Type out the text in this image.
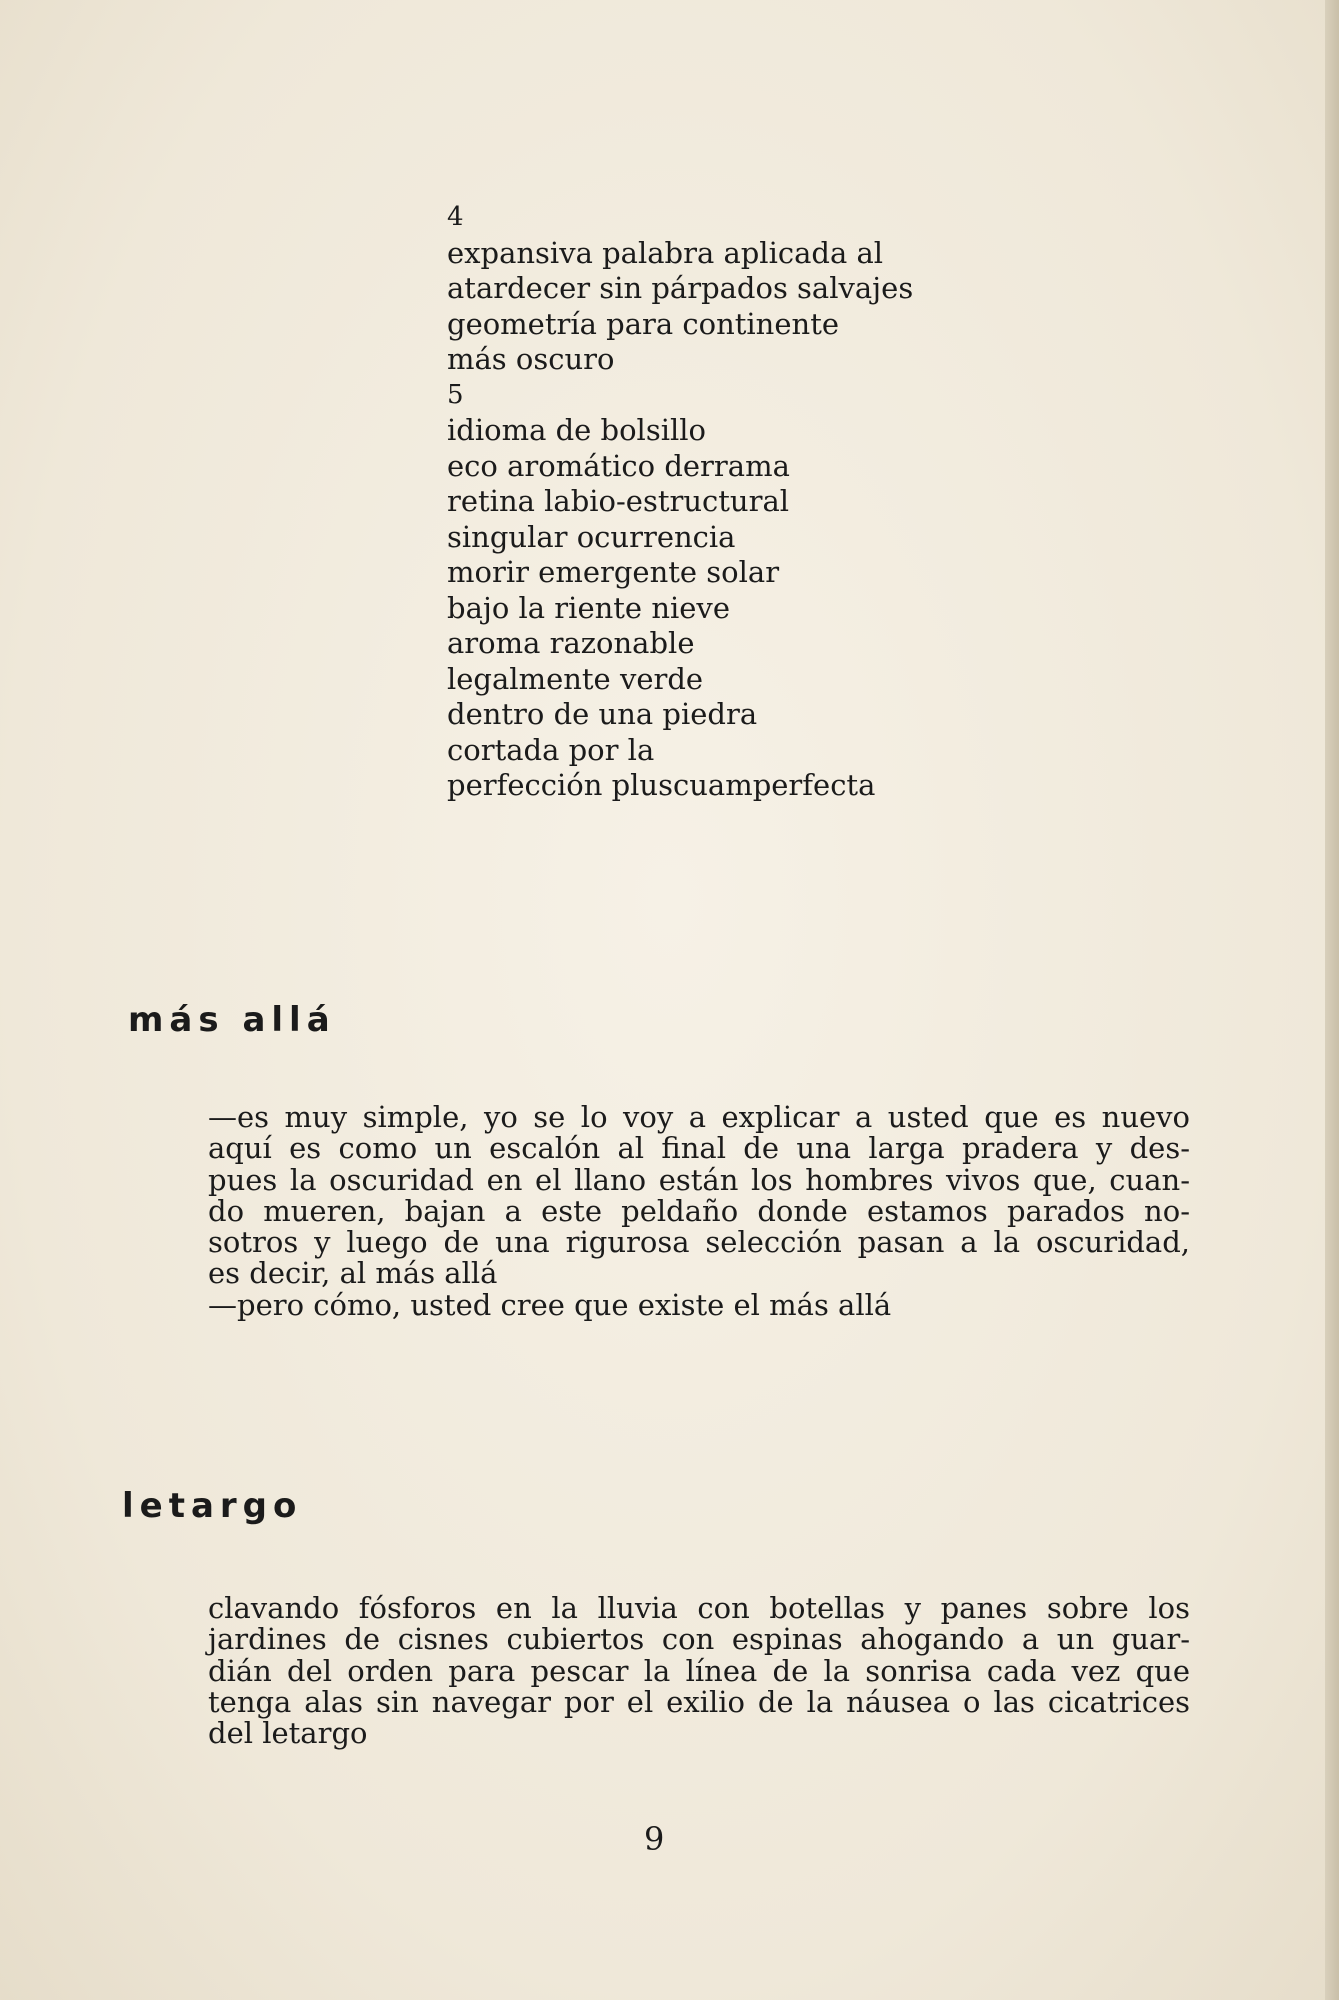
4
expansiva palabra aplicada al
atardecer sin párpados salvajes
geometría para continente
más oscuro
5
idioma de bolsillo
eco aromático derrama
retina labio-estructural
singular ocurrencia
morir emergente solar
bajo la riente nieve
aroma razonable
legalmente verde
dentro de una piedra
cortada por la
perfección pluscuamperfecta
más allá
—es muy simple, yo se lo voy a explicar a usted que es nuevo
aquí es como un escalón al final de una larga pradera y des-
pues la oscuridad en el llano están los hombres vivos que, cuan-
do mueren, bajan a este peldaño donde estamos parados no-
sotros y luego de una rigurosa selección pasan a la oscuridad,
es decir, al más allá
—pero cómo, usted cree que existe el más allá
letargo
clavando fósforos en la lluvia con botellas y panes sobre los
jardines de cisnes cubiertos con espinas ahogando a un guar-
dián del orden para pescar la línea de la sonrisa cada vez que
tenga alas sin navegar por el exilio de la náusea o las cicatrices
del letargo
9
